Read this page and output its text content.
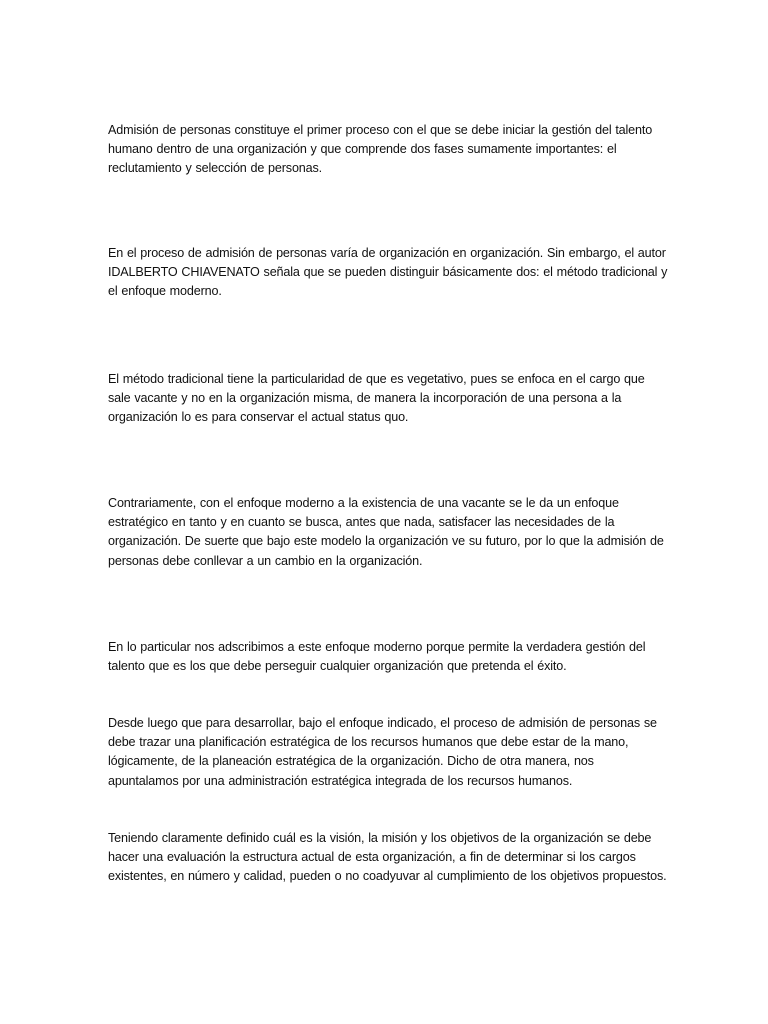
Admisión de personas constituye el primer proceso con el que se debe iniciar la gestión del talento humano dentro de una organización y que comprende dos fases sumamente importantes: el reclutamiento y selección de personas.

En el proceso de admisión de personas varía de organización en organización. Sin embargo, el autor IDALBERTO CHIAVENATO señala que se pueden distinguir básicamente dos: el método tradicional y el enfoque moderno.

El método tradicional tiene la particularidad de que es vegetativo, pues se enfoca en el cargo que sale vacante y no en la organización misma, de manera la incorporación de una persona a la organización lo es para conservar el actual status quo.

Contrariamente, con el enfoque moderno a la existencia de una vacante se le da un enfoque estratégico en tanto y en cuanto se busca, antes que nada, satisfacer las necesidades de la organización. De suerte que bajo este modelo la organización ve su futuro, por lo que la admisión de personas debe conllevar a un cambio en la organización.

En lo particular nos adscribimos a este enfoque moderno porque permite la verdadera gestión del talento que es los que debe perseguir cualquier organización que pretenda el éxito.

Desde luego que para desarrollar, bajo el enfoque indicado, el proceso de admisión de personas se debe trazar una planificación estratégica de los recursos humanos que debe estar de la mano, lógicamente, de la planeación estratégica de la organización. Dicho de otra manera, nos apuntalamos por una administración estratégica integrada de los recursos humanos.

Teniendo claramente definido cuál es la visión, la misión y los objetivos de la organización se debe hacer una evaluación la estructura actual de esta organización, a fin de determinar si los cargos existentes, en número y calidad, pueden o no coadyuvar al cumplimiento de los objetivos propuestos.
